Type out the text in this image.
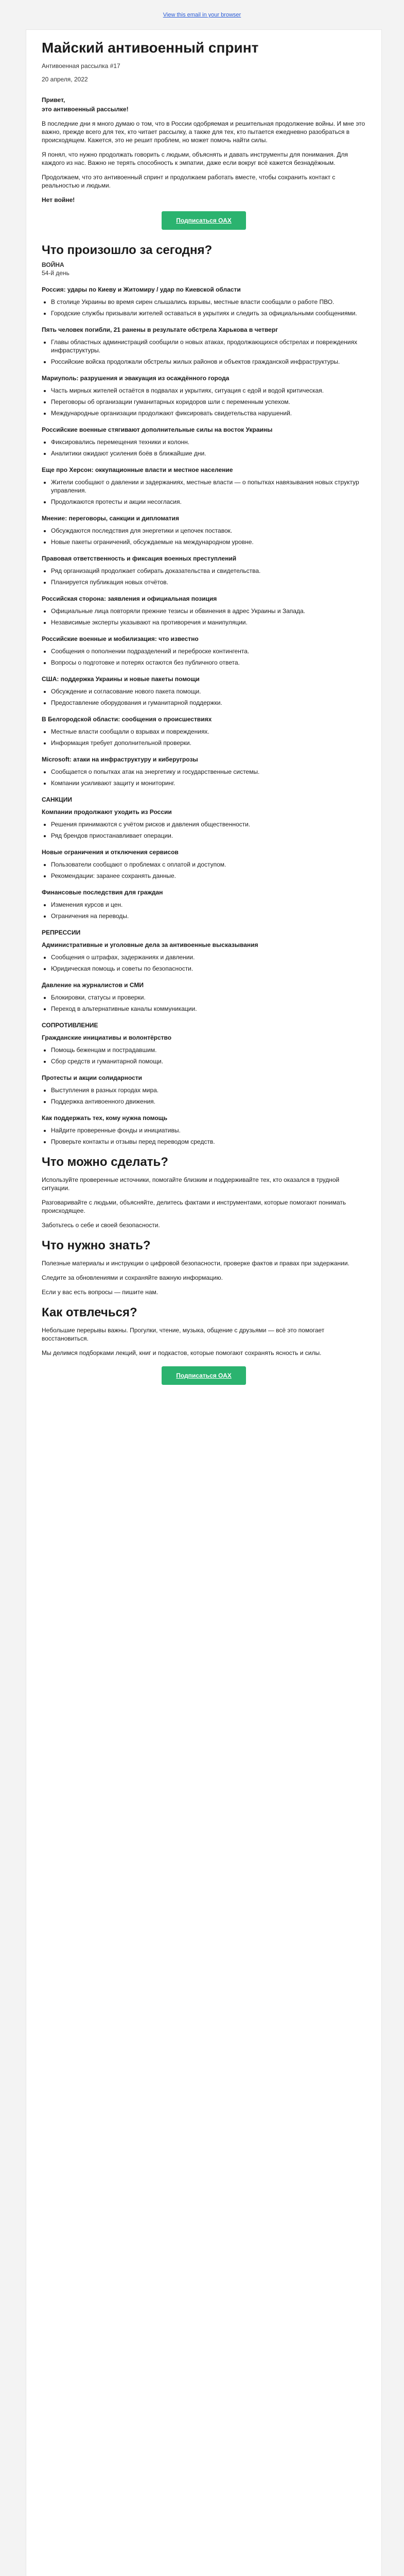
View this email in your browser
Майский антивоенный спринт
Антивоенная рассылка #17
20 апреля, 2022

Привет,

это антивоенный рассылке!

В последние дни я много думаю о том, что в России одобряемая и решительная продолжение войны. И мне это важно, прежде всего для тех, кто читает рассылку, а также для тех, кто пытается ежедневно разобраться в происходящем. Кажется, это не решит проблем, но может помочь найти силы.

Я понял, что нужно продолжать говорить с людьми, объяснять и давать инструменты для понимания. Для каждого из нас. Важно не терять способность к эмпатии, даже если вокруг всё кажется безнадёжным.

Продолжаем, что это антивоенный спринт и продолжаем работать вместе, чтобы сохранить контакт с реальностью и людьми.

Нет войне!

Подписаться ОАХ
Что произошло за сегодня?
ВОЙНА
54-й день
Россия: удары по Киеву и Житомиру / удар по Киевской области
• В столице Украины во время сирен слышались взрывы, местные власти сообщали о работе ПВО.
• Городские службы призывали жителей оставаться в укрытиях и следить за официальными сообщениями.
Пять человек погибли, 21 ранены в результате обстрела Харькова в четверг
• Главы областных администраций сообщили о новых атаках, продолжающихся обстрелах и повреждениях инфраструктуры.
• Российские войска продолжали обстрелы жилых районов и объектов гражданской инфраструктуры.
Мариуполь: разрушения и эвакуация из осаждённого города
• Часть мирных жителей остаётся в подвалах и укрытиях, ситуация с едой и водой критическая.
• Переговоры об организации гуманитарных коридоров шли с переменным успехом.
• Международные организации продолжают фиксировать свидетельства нарушений.
Российские военные стягивают дополнительные силы на восток Украины
• Фиксировались перемещения техники и колонн.
• Аналитики ожидают усиления боёв в ближайшие дни.
Еще про Херсон: оккупационные власти и местное население
• Жители сообщают о давлении и задержаниях, местные власти — о попытках навязывания новых структур управления.
• Продолжаются протесты и акции несогласия.
Мнение: переговоры, санкции и дипломатия
• Обсуждаются последствия для энергетики и цепочек поставок.
• Новые пакеты ограничений, обсуждаемые на международном уровне.
Правовая ответственность и фиксация военных преступлений
• Ряд организаций продолжает собирать доказательства и свидетельства.
• Планируется публикация новых отчётов.
Российская сторона: заявления и официальная позиция
• Официальные лица повторяли прежние тезисы и обвинения в адрес Украины и Запада.
• Независимые эксперты указывают на противоречия и манипуляции.
Российские военные и мобилизация: что известно
• Сообщения о пополнении подразделений и переброске контингента.
• Вопросы о подготовке и потерях остаются без публичного ответа.
США: поддержка Украины и новые пакеты помощи
• Обсуждение и согласование нового пакета помощи.
• Предоставление оборудования и гуманитарной поддержки.
В Белгородской области: сообщения о происшествиях
• Местные власти сообщали о взрывах и повреждениях.
• Информация требует дополнительной проверки.
Microsoft: атаки на инфраструктуру и киберугрозы
• Сообщается о попытках атак на энергетику и государственные системы.
• Компании усиливают защиту и мониторинг.
САНКЦИИ
Компании продолжают уходить из России
• Решения принимаются с учётом рисков и давления общественности.
• Ряд брендов приостанавливает операции.
Новые ограничения и отключения сервисов
• Пользователи сообщают о проблемах с оплатой и доступом.
• Рекомендации: заранее сохранять данные.
Финансовые последствия для граждан
• Изменения курсов и цен.
• Ограничения на переводы.
РЕПРЕССИИ
Административные и уголовные дела за антивоенные высказывания
• Сообщения о штрафах, задержаниях и давлении.
• Юридическая помощь и советы по безопасности.
Давление на журналистов и СМИ
• Блокировки, статусы и проверки.
• Переход в альтернативные каналы коммуникации.
СОПРОТИВЛЕНИЕ
Гражданские инициативы и волонтёрство
• Помощь беженцам и пострадавшим.
• Сбор средств и гуманитарной помощи.
Протесты и акции солидарности
• Выступления в разных городах мира.
• Поддержка антивоенного движения.
Как поддержать тех, кому нужна помощь
• Найдите проверенные фонды и инициативы.
• Проверьте контакты и отзывы перед переводом средств.
Что можно сделать?

Используйте проверенные источники, помогайте близким и поддерживайте тех, кто оказался в трудной ситуации.

Разговаривайте с людьми, объясняйте, делитесь фактами и инструментами, которые помогают понимать происходящее.

Заботьтесь о себе и своей безопасности.

Что нужно знать?

Полезные материалы и инструкции о цифровой безопасности, проверке фактов и правах при задержании.

Следите за обновлениями и сохраняйте важную информацию.

Если у вас есть вопросы — пишите нам.

Как отвлечься?

Небольшие перерывы важны. Прогулки, чтение, музыка, общение с друзьями — всё это помогает восстановиться.

Мы делимся подборками лекций, книг и подкастов, которые помогают сохранять ясность и силы.

Подписаться ОАХ
